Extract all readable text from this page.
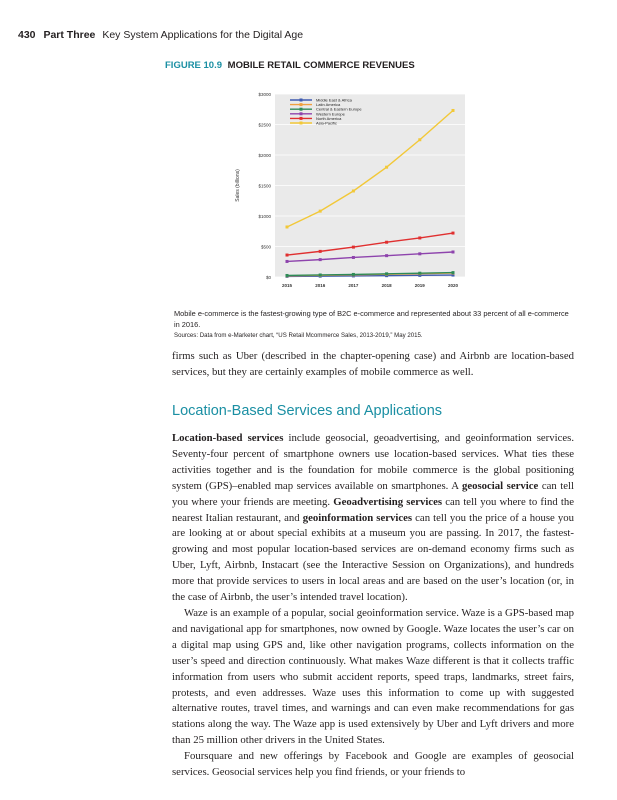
430 Part Three Key System Applications for the Digital Age
FIGURE 10.9 MOBILE RETAIL COMMERCE REVENUES
$0
$500
$1000
$1500
$2000
$2500
$3000
2015	2016	2017	2018	2019	2020
Sales (billions)
Middle East & Africa
Latin America
Central & Eastern Europe
Western Europe
North America
Asia-Pacific
Mobile e-commerce is the fastest-growing type of B2C e-commerce and represented about 33 percent of all e-commerce in 2016.
Sources: Data from e-Marketer chart, “US Retail Mcommerce Sales, 2013-2019,” May 2015.

firms such as Uber (described in the chapter-opening case) and Airbnb are location-based services, but they are certainly examples of mobile commerce as well.

Location-Based Services and Applications

Location-based services include geosocial, geoadvertising, and geoinformation services. Seventy-four percent of smartphone owners use location-based services. What ties these activities together and is the foundation for mobile commerce is the global positioning system (GPS)–enabled map services available on smartphones. A geosocial service can tell you where your friends are meeting. Geoadvertising services can tell you where to find the nearest Italian restaurant, and geoinformation services can tell you the price of a house you are looking at or about special exhibits at a museum you are passing. In 2017, the fastest-growing and most popular location-based services are on-demand economy firms such as Uber, Lyft, Airbnb, Instacart (see the Interactive Session on Organizations), and hundreds more that provide services to users in local areas and are based on the user’s location (or, in the case of Airbnb, the user’s intended travel location).

Waze is an example of a popular, social geoinformation service. Waze is a GPS-based map and navigational app for smartphones, now owned by Google. Waze locates the user’s car on a digital map using GPS and, like other navigation programs, collects information on the user’s speed and direction continuously. What makes Waze different is that it collects traffic information from users who submit accident reports, speed traps, landmarks, street fairs, protests, and even addresses. Waze uses this information to come up with suggested alternative routes, travel times, and warnings and can even make recommendations for gas stations along the way. The Waze app is used extensively by Uber and Lyft drivers and more than 25 million other drivers in the United States.

Foursquare and new offerings by Facebook and Google are examples of geosocial services. Geosocial services help you find friends, or your friends to
